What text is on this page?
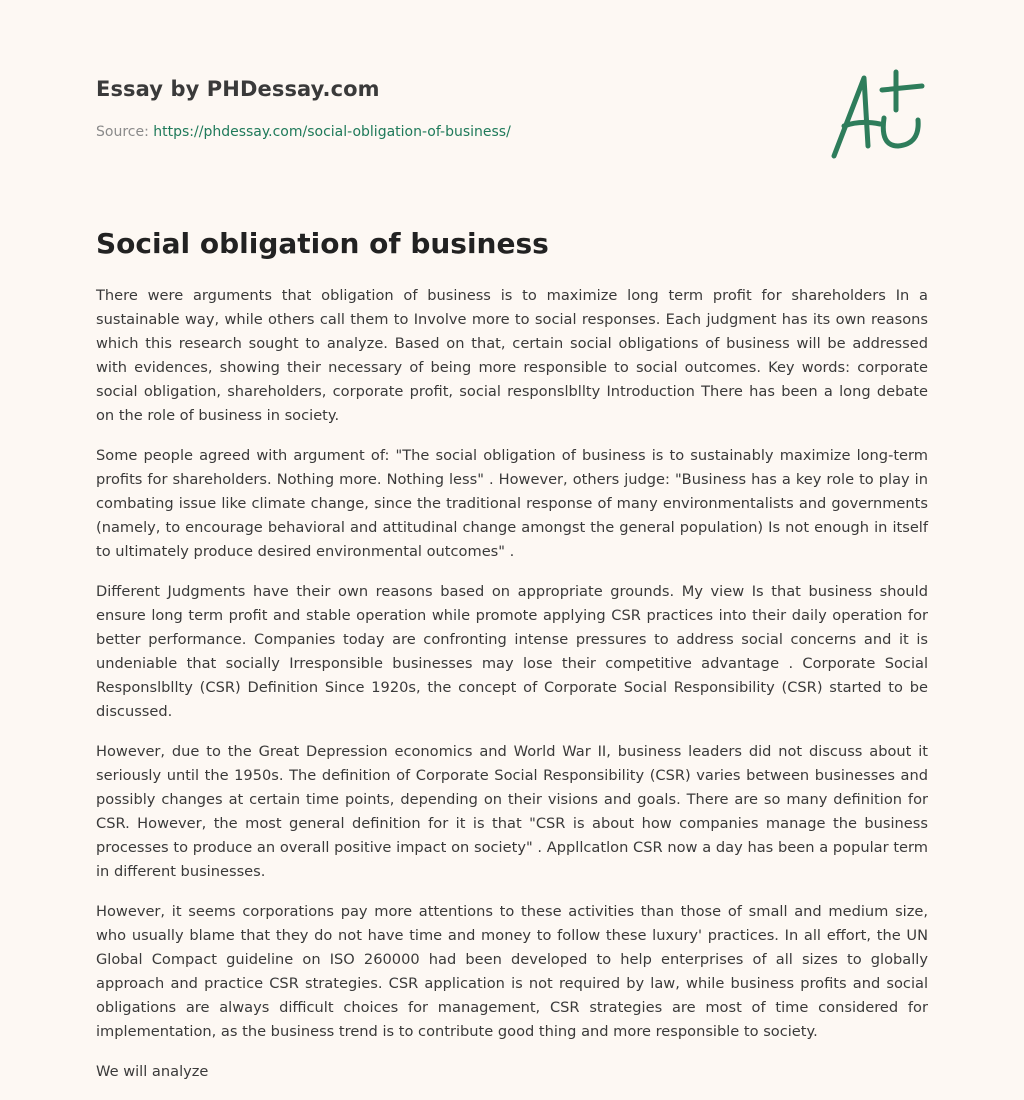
Essay by PHDessay.com
Source: https://phdessay.com/social-obligation-of-business/
Social obligation of business

There were arguments that obligation of business is to maximize long term profit for shareholders In a sustainable way, while others call them to Involve more to social responses. Each judgment has its own reasons which this research sought to analyze. Based on that, certain social obligations of business will be addressed with evidences, showing their necessary of being more responsible to social outcomes. Key words: corporate social obligation, shareholders, corporate profit, social responslbllty Introduction There has been a long debate on the role of business in society.

Some people agreed with argument of: "The social obligation of business is to sustainably maximize long-term profits for shareholders. Nothing more. Nothing less" . However, others judge: "Business has a key role to play in combating issue like climate change, since the traditional response of many environmentalists and governments (namely, to encourage behavioral and attitudinal change amongst the general population) Is not enough in itself to ultimately produce desired environmental outcomes" .

Different Judgments have their own reasons based on appropriate grounds. My view Is that business should ensure long term profit and stable operation while promote applying CSR practices into their daily operation for better performance. Companies today are confronting intense pressures to address social concerns and it is undeniable that socially Irresponsible businesses may lose their competitive advantage . Corporate Social Responslbllty (CSR) Definition Since 1920s, the concept of Corporate Social Responsibility (CSR) started to be discussed.

However, due to the Great Depression economics and World War II, business leaders did not discuss about it seriously until the 1950s. The definition of Corporate Social Responsibility (CSR) varies between businesses and possibly changes at certain time points, depending on their visions and goals. There are so many definition for CSR. However, the most general definition for it is that "CSR is about how companies manage the business processes to produce an overall positive impact on society" . Appllcatlon CSR now a day has been a popular term in different businesses.

However, it seems corporations pay more attentions to these activities than those of small and medium size, who usually blame that they do not have time and money to follow these luxury' practices. In all effort, the UN Global Compact guideline on ISO 260000 had been developed to help enterprises of all sizes to globally approach and practice CSR strategies. CSR application is not required by law, while business profits and social obligations are always difficult choices for management, CSR strategies are most of time considered for implementation, as the business trend is to contribute good thing and more responsible to society.

We will analyze
